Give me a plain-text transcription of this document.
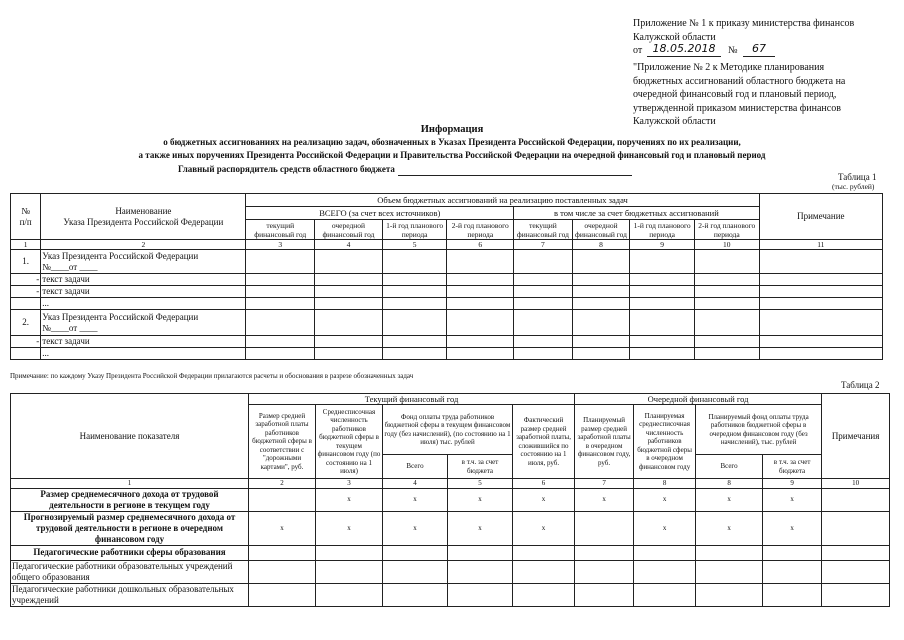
Приложение № 1 к приказу министерства финансов
Калужской области
от 18.05.2018	№	67
"Приложение № 2 к Методике планирования
бюджетных ассигнований областного бюджета на
очередной финансовый год и плановый период,
утвержденной приказом министерства финансов
Калужской области
Информация
о бюджетных ассигнованиях на реализацию задач, обозначенных в Указах Президента Российской Федерации, поручениях по их реализации,
а также иных поручениях Президента Российской Федерации и Правительства Российской Федерации на очередной финансовый год и плановый период
Главный распорядитель средств областного бюджета
Таблица 1
(тыс. рублей)
№
п/п	Наименование
Указа Президента Российской Федерации	Объем бюджетных ассигнований на реализацию поставленных задач								Примечание
		ВСЕГО (за счет всех источников)				в том числе за счет бюджетных ассигнований				
		текущий финансовый год	очередной финансовый год	1-й год планового периода	2-й год планового периода	текущий финансовый год	очередной финансовый год	1-й год планового периода	2-й год планового периода	
1	2	3	4	5	6	7	8	9	10	11
1.	Указ Президента Российской Федерации
№____от ____									
-	текст задачи									
-	текст задачи									
	...									
2.	Указ Президента Российской Федерации
№____от ____									
-	текст задачи									
	...									
Примечание: по каждому Указу Президента Российской Федерации прилагаются расчеты и обоснования в разрезе обозначенных задач
Таблица 2
Наименование показателя	Текущий финансовый год					Очередной финансовый год				Примечания
	Размер средней заработной платы работников бюджетной сферы в соответствии с "дорожными картами", руб.	Среднесписочная численность работников бюджетной сферы в текущем финансовом году (по состоянию на 1 июля)	Фонд оплаты труда работников бюджетной сферы в текущем финансовом году (без начислений), (по состоянию на 1 июля) тыс. рублей		Фактический размер средней заработной платы, сложившийся по состоянию на 1 июля, руб.	Планируемый размер средней заработной платы в очередном финансовом году, руб.	Планируемая среднесписочная численность работников бюджетной сферы в очередном финансовом году	Планируемый фонд оплаты труда работников бюджетной сферы в очередном финансовом году (без начислений), тыс. рублей		
			Всего	в т.ч. за счет бюджета				Всего	в т.ч. за счет бюджета	
1	2	3	4	5	6	7	8	8	9	10
Размер среднемесячного дохода от трудовой деятельности в регионе в текущем году		x	x	x	x	x	x	x	x	
Прогнозируемый размер среднемесячного дохода от трудовой деятельности в регионе в очередном финансовом году	x	x	x	x	x		x	x	x	
Педагогические работники сферы образования										
Педагогические работники образовательных учреждений общего образования										
Педагогические работники дошкольных образовательных учреждений										
